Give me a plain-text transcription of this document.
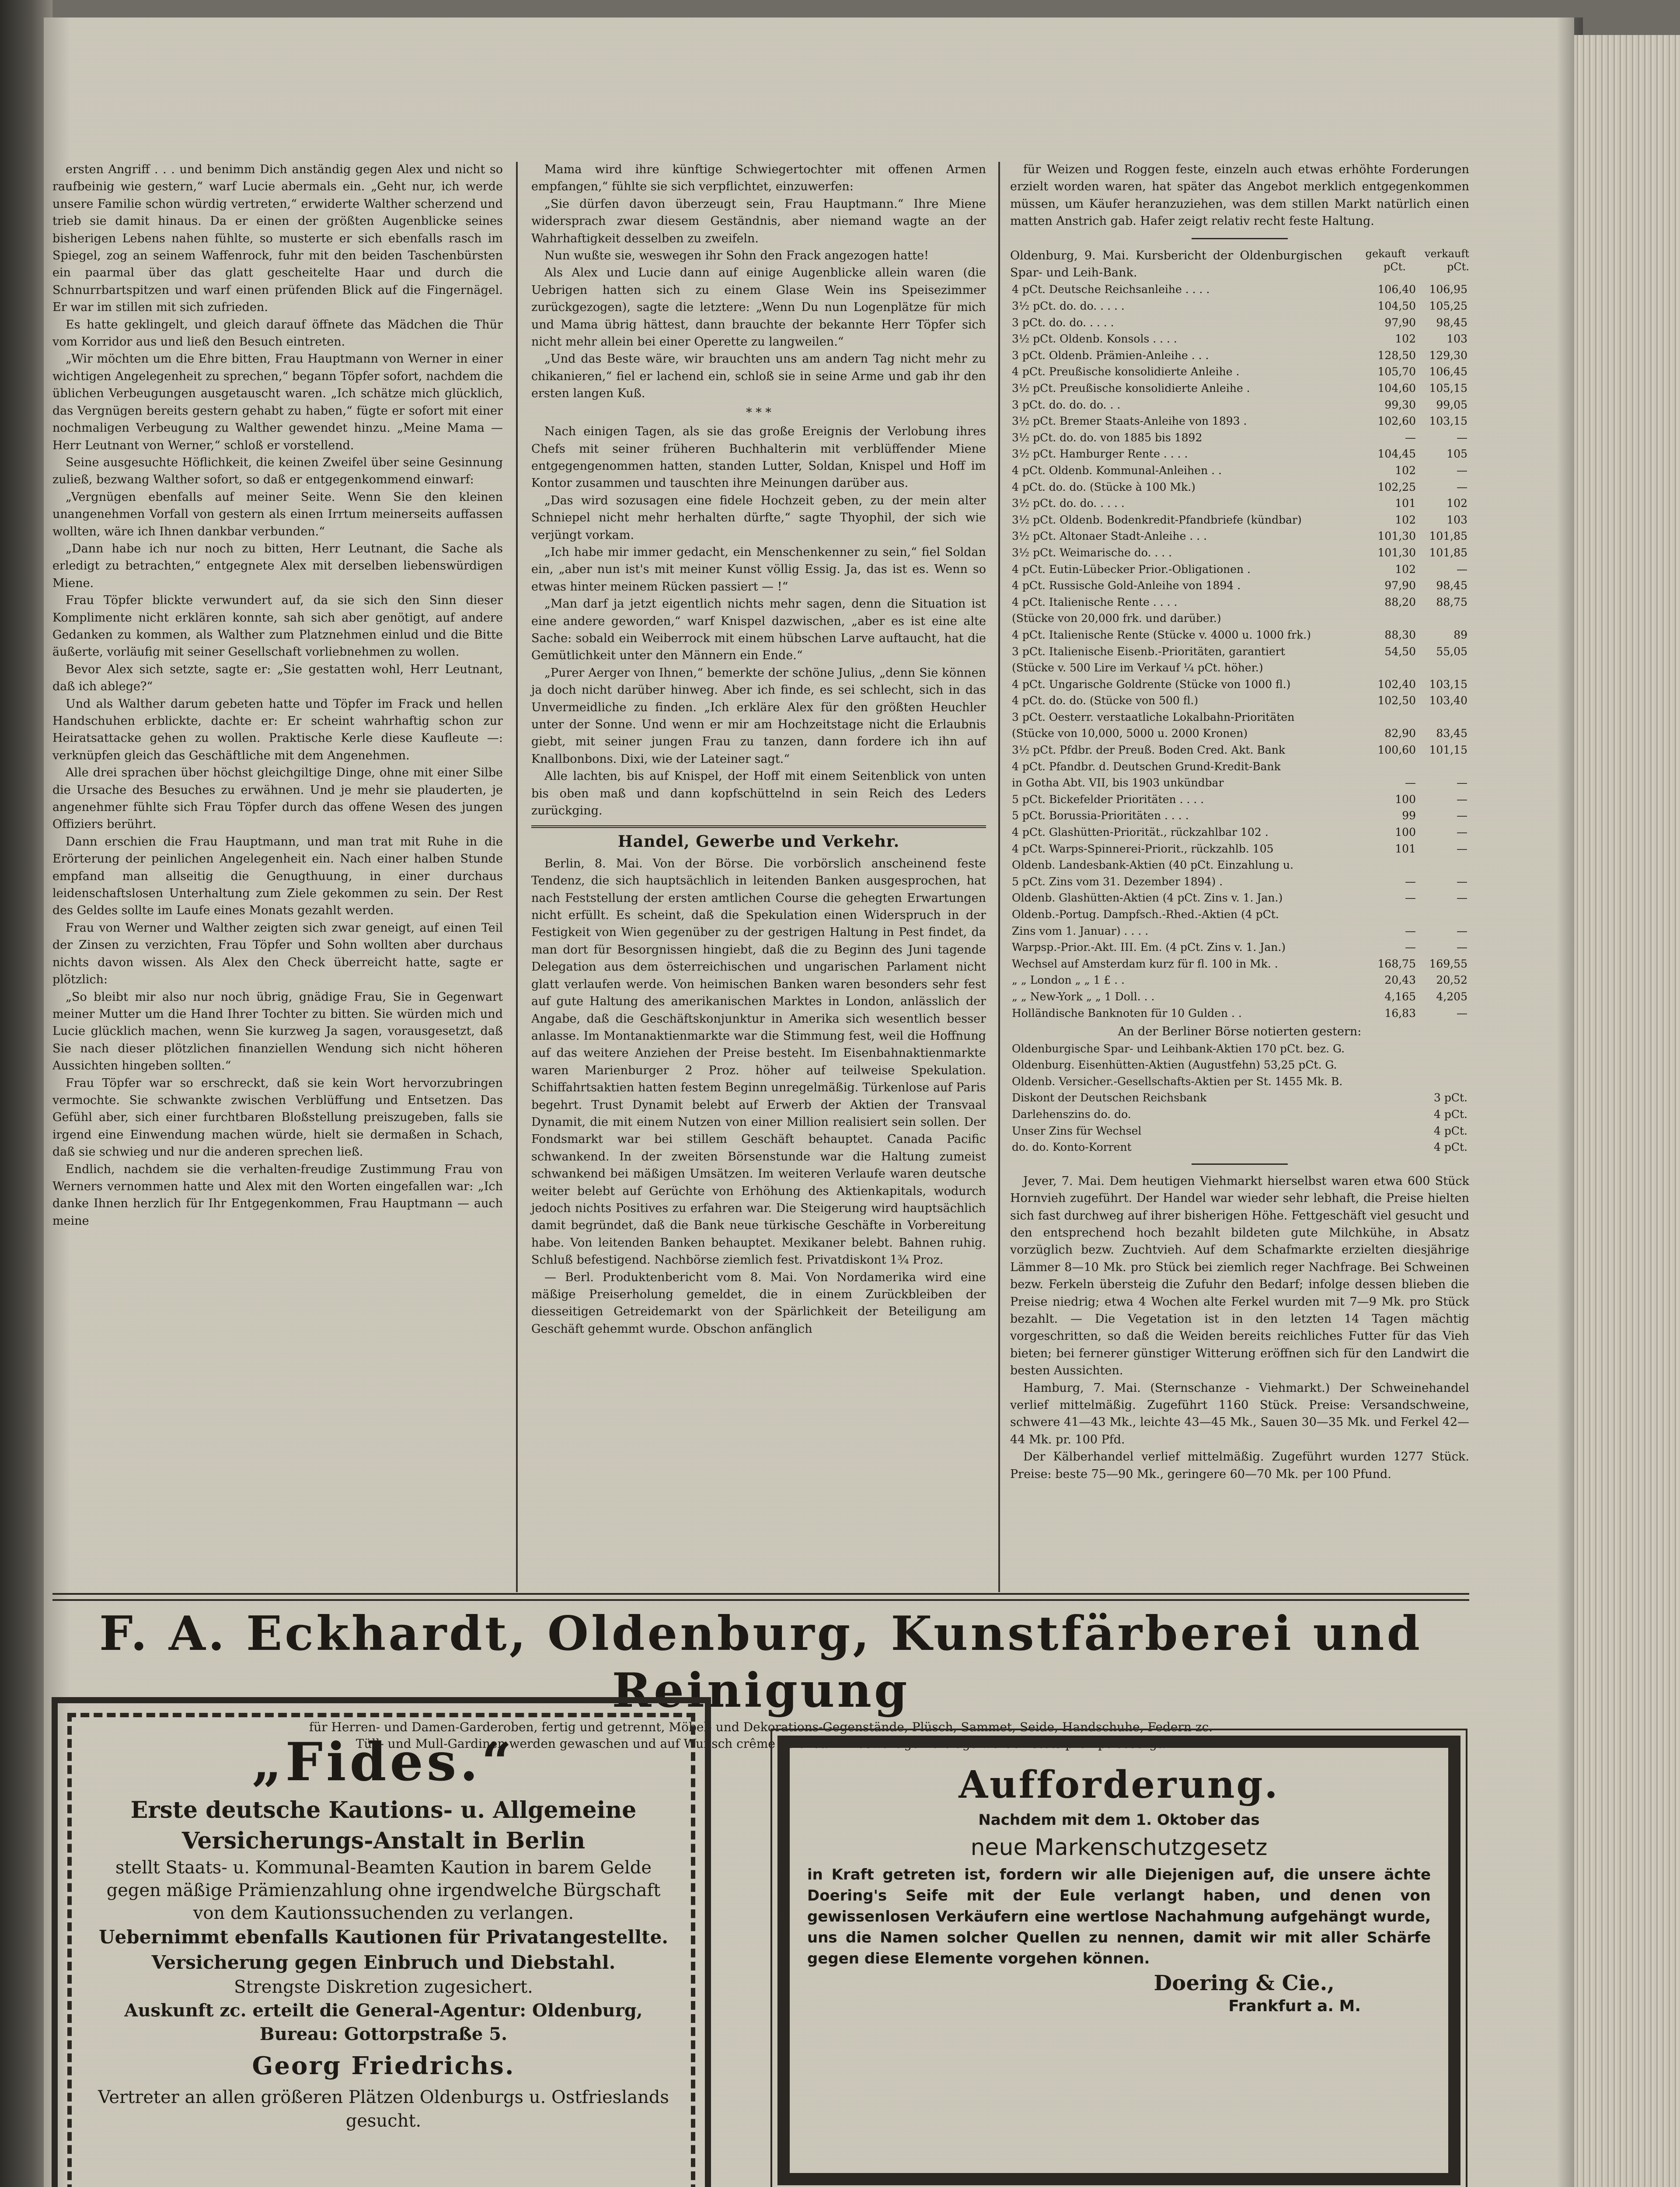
ersten Angriff . . . und benimm Dich anständig gegen Alex und nicht so raufbeinig wie gestern,“ warf Lucie abermals ein. „Geht nur, ich werde unsere Familie schon würdig vertreten,“ erwiderte Walther scherzend und trieb sie damit hinaus. Da er einen der größten Augenblicke seines bisherigen Lebens nahen fühlte, so musterte er sich ebenfalls rasch im Spiegel, zog an seinem Waffenrock, fuhr mit den beiden Taschenbürsten ein paarmal über das glatt gescheitelte Haar und durch die Schnurrbartspitzen und warf einen prüfenden Blick auf die Fingernägel. Er war im stillen mit sich zufrieden.

Es hatte geklingelt, und gleich darauf öffnete das Mädchen die Thür vom Korridor aus und ließ den Besuch eintreten.

„Wir möchten um die Ehre bitten, Frau Hauptmann von Werner in einer wichtigen Angelegenheit zu sprechen,“ begann Töpfer sofort, nachdem die üblichen Verbeugungen ausgetauscht waren. „Ich schätze mich glücklich, das Vergnügen bereits gestern gehabt zu haben,“ fügte er sofort mit einer nochmaligen Verbeugung zu Walther gewendet hinzu. „Meine Mama — Herr Leutnant von Werner,“ schloß er vorstellend.

Seine ausgesuchte Höflichkeit, die keinen Zweifel über seine Gesinnung zuließ, bezwang Walther sofort, so daß er entgegenkommend einwarf:

„Vergnügen ebenfalls auf meiner Seite. Wenn Sie den kleinen unangenehmen Vorfall von gestern als einen Irrtum meinerseits auffassen wollten, wäre ich Ihnen dankbar verbunden.“

„Dann habe ich nur noch zu bitten, Herr Leutnant, die Sache als erledigt zu betrachten,“ entgegnete Alex mit derselben liebenswürdigen Miene.

Frau Töpfer blickte verwundert auf, da sie sich den Sinn dieser Komplimente nicht erklären konnte, sah sich aber genötigt, auf andere Gedanken zu kommen, als Walther zum Platznehmen einlud und die Bitte äußerte, vorläufig mit seiner Gesellschaft vorliebnehmen zu wollen.

Bevor Alex sich setzte, sagte er: „Sie gestatten wohl, Herr Leutnant, daß ich ablege?“

Und als Walther darum gebeten hatte und Töpfer im Frack und hellen Handschuhen erblickte, dachte er: Er scheint wahrhaftig schon zur Heiratsattacke gehen zu wollen. Praktische Kerle diese Kaufleute —: verknüpfen gleich das Geschäftliche mit dem Angenehmen.

Alle drei sprachen über höchst gleichgiltige Dinge, ohne mit einer Silbe die Ursache des Besuches zu erwähnen. Und je mehr sie plauderten, je angenehmer fühlte sich Frau Töpfer durch das offene Wesen des jungen Offiziers berührt.

Dann erschien die Frau Hauptmann, und man trat mit Ruhe in die Erörterung der peinlichen Angelegenheit ein. Nach einer halben Stunde empfand man allseitig die Genugthuung, in einer durchaus leidenschaftslosen Unterhaltung zum Ziele gekommen zu sein. Der Rest des Geldes sollte im Laufe eines Monats gezahlt werden.

Frau von Werner und Walther zeigten sich zwar geneigt, auf einen Teil der Zinsen zu verzichten, Frau Töpfer und Sohn wollten aber durchaus nichts davon wissen. Als Alex den Check überreicht hatte, sagte er plötzlich:

„So bleibt mir also nur noch übrig, gnädige Frau, Sie in Gegenwart meiner Mutter um die Hand Ihrer Tochter zu bitten. Sie würden mich und Lucie glücklich machen, wenn Sie kurzweg Ja sagen, vorausgesetzt, daß Sie nach dieser plötzlichen finanziellen Wendung sich nicht höheren Aussichten hingeben sollten.“

Frau Töpfer war so erschreckt, daß sie kein Wort hervorzubringen vermochte. Sie schwankte zwischen Verblüffung und Entsetzen. Das Gefühl aber, sich einer furchtbaren Bloßstellung preiszugeben, falls sie irgend eine Einwendung machen würde, hielt sie dermaßen in Schach, daß sie schwieg und nur die anderen sprechen ließ.

Endlich, nachdem sie die verhalten-freudige Zustimmung Frau von Werners vernommen hatte und Alex mit den Worten eingefallen war: „Ich danke Ihnen herzlich für Ihr Entgegenkommen, Frau Hauptmann — auch meine

Mama wird ihre künftige Schwiegertochter mit offenen Armen empfangen,“ fühlte sie sich verpflichtet, einzuwerfen:

„Sie dürfen davon überzeugt sein, Frau Hauptmann.“ Ihre Miene widersprach zwar diesem Geständnis, aber niemand wagte an der Wahrhaftigkeit desselben zu zweifeln.

Nun wußte sie, weswegen ihr Sohn den Frack angezogen hatte!

Als Alex und Lucie dann auf einige Augenblicke allein waren (die Uebrigen hatten sich zu einem Glase Wein ins Speisezimmer zurückgezogen), sagte die letztere: „Wenn Du nun Logenplätze für mich und Mama übrig hättest, dann brauchte der bekannte Herr Töpfer sich nicht mehr allein bei einer Operette zu langweilen.“

„Und das Beste wäre, wir brauchten uns am andern Tag nicht mehr zu chikanieren,“ fiel er lachend ein, schloß sie in seine Arme und gab ihr den ersten langen Kuß.

* * *

Nach einigen Tagen, als sie das große Ereignis der Verlobung ihres Chefs mit seiner früheren Buchhalterin mit verblüffender Miene entgegengenommen hatten, standen Lutter, Soldan, Knispel und Hoff im Kontor zusammen und tauschten ihre Meinungen darüber aus.

„Das wird sozusagen eine fidele Hochzeit geben, zu der mein alter Schniepel nicht mehr herhalten dürfte,“ sagte Thyophil, der sich wie verjüngt vorkam.

„Ich habe mir immer gedacht, ein Menschenkenner zu sein,“ fiel Soldan ein, „aber nun ist's mit meiner Kunst völlig Essig. Ja, das ist es. Wenn so etwas hinter meinem Rücken passiert — !“

„Man darf ja jetzt eigentlich nichts mehr sagen, denn die Situation ist eine andere geworden,“ warf Knispel dazwischen, „aber es ist eine alte Sache: sobald ein Weiberrock mit einem hübschen Larve auftaucht, hat die Gemütlichkeit unter den Männern ein Ende.“

„Purer Aerger von Ihnen,“ bemerkte der schöne Julius, „denn Sie können ja doch nicht darüber hinweg. Aber ich finde, es sei schlecht, sich in das Unvermeidliche zu finden. „Ich erkläre Alex für den größten Heuchler unter der Sonne. Und wenn er mir am Hochzeitstage nicht die Erlaubnis giebt, mit seiner jungen Frau zu tanzen, dann fordere ich ihn auf Knallbonbons. Dixi, wie der Lateiner sagt.“

Alle lachten, bis auf Knispel, der Hoff mit einem Seitenblick von unten bis oben maß und dann kopfschüttelnd in sein Reich des Leders zurückging.

Handel, Gewerbe und Verkehr.

Berlin, 8. Mai. Von der Börse. Die vorbörslich anscheinend feste Tendenz, die sich hauptsächlich in leitenden Banken ausgesprochen, hat nach Feststellung der ersten amtlichen Course die gehegten Erwartungen nicht erfüllt. Es scheint, daß die Spekulation einen Widerspruch in der Festigkeit von Wien gegenüber zu der gestrigen Haltung in Pest findet, da man dort für Besorgnissen hingiebt, daß die zu Beginn des Juni tagende Delegation aus dem österreichischen und ungarischen Parlament nicht glatt verlaufen werde. Von heimischen Banken waren besonders sehr fest auf gute Haltung des amerikanischen Marktes in London, anlässlich der Angabe, daß die Geschäftskonjunktur in Amerika sich wesentlich besser anlasse. Im Montanaktienmarkte war die Stimmung fest, weil die Hoffnung auf das weitere Anziehen der Preise besteht. Im Eisenbahnaktienmarkte waren Marienburger 2 Proz. höher auf teilweise Spekulation. Schiffahrtsaktien hatten festem Beginn unregelmäßig. Türkenlose auf Paris begehrt. Trust Dynamit belebt auf Erwerb der Aktien der Transvaal Dynamit, die mit einem Nutzen von einer Million realisiert sein sollen. Der Fondsmarkt war bei stillem Geschäft behauptet. Canada Pacific schwankend. In der zweiten Börsenstunde war die Haltung zumeist schwankend bei mäßigen Umsätzen. Im weiteren Verlaufe waren deutsche weiter belebt auf Gerüchte von Erhöhung des Aktienkapitals, wodurch jedoch nichts Positives zu erfahren war. Die Steigerung wird hauptsächlich damit begründet, daß die Bank neue türkische Geschäfte in Vorbereitung habe. Von leitenden Banken behauptet. Mexikaner belebt. Bahnen ruhig. Schluß befestigend. Nachbörse ziemlich fest. Privatdiskont 1¾ Proz.

— Berl. Produktenbericht vom 8. Mai. Von Nordamerika wird eine mäßige Preiserholung gemeldet, die in einem Zurückbleiben der diesseitigen Getreidemarkt von der Spärlichkeit der Beteiligung am Geschäft gehemmt wurde. Obschon anfänglich

für Weizen und Roggen feste, einzeln auch etwas erhöhte Forderungen erzielt worden waren, hat später das Angebot merklich entgegenkommen müssen, um Käufer heranzuziehen, was dem stillen Markt natürlich einen matten Anstrich gab. Hafer zeigt relativ recht feste Haltung.

Oldenburg, 9. Mai. Kursbericht der Oldenburgischen Spar- und Leih-Bank.
gekauft pCt.
verkauft pCt.
4 pCt. Deutsche Reichsanleihe . . . .	106,40	106,95
3½ pCt. do. do. . . . .	104,50	105,25
3 pCt. do. do. . . . .	97,90	98,45
3½ pCt. Oldenb. Konsols . . . .	102	103
3 pCt. Oldenb. Prämien-Anleihe . . .	128,50	129,30
4 pCt. Preußische konsolidierte Anleihe .	105,70	106,45
3½ pCt. Preußische konsolidierte Anleihe .	104,60	105,15
3 pCt. do. do. do. . .	99,30	99,05
3½ pCt. Bremer Staats-Anleihe von 1893 .	102,60	103,15
3½ pCt. do. do. von 1885 bis 1892	—	—
3½ pCt. Hamburger Rente . . . .	104,45	105
4 pCt. Oldenb. Kommunal-Anleihen . .	102	—
4 pCt. do. do. (Stücke à 100 Mk.)	102,25	—
3½ pCt. do. do. . . . .	101	102
3½ pCt. Oldenb. Bodenkredit-Pfandbriefe (kündbar)	102	103
3½ pCt. Altonaer Stadt-Anleihe . . .	101,30	101,85
3½ pCt. Weimarische do. . . .	101,30	101,85
4 pCt. Eutin-Lübecker Prior.-Obligationen .	102	—
4 pCt. Russische Gold-Anleihe von 1894 .	97,90	98,45
4 pCt. Italienische Rente . . . .	88,20	88,75
(Stücke von 20,000 frk. und darüber.)		
4 pCt. Italienische Rente (Stücke v. 4000 u. 1000 frk.)	88,30	89
3 pCt. Italienische Eisenb.-Prioritäten, garantiert	54,50	55,05
(Stücke v. 500 Lire im Verkauf ¼ pCt. höher.)		
4 pCt. Ungarische Goldrente (Stücke von 1000 fl.)	102,40	103,15
4 pCt. do. do. (Stücke von 500 fl.)	102,50	103,40
3 pCt. Oesterr. verstaatliche Lokalbahn-Prioritäten		
(Stücke von 10,000, 5000 u. 2000 Kronen)	82,90	83,45
3½ pCt. Pfdbr. der Preuß. Boden Cred. Akt. Bank	100,60	101,15
4 pCt. Pfandbr. d. Deutschen Grund-Kredit-Bank		
in Gotha Abt. VII, bis 1903 unkündbar	—	—
5 pCt. Bickefelder Prioritäten . . . .	100	—
5 pCt. Borussia-Prioritäten . . . .	99	—
4 pCt. Glashütten-Priorität., rückzahlbar 102 .	100	—
4 pCt. Warps-Spinnerei-Priorit., rückzahlb. 105	101	—
Oldenb. Landesbank-Aktien (40 pCt. Einzahlung u.		
5 pCt. Zins vom 31. Dezember 1894) .	—	—
Oldenb. Glashütten-Aktien (4 pCt. Zins v. 1. Jan.)	—	—
Oldenb.-Portug. Dampfsch.-Rhed.-Aktien (4 pCt.		
Zins vom 1. Januar) . . . .	—	—
Warpsp.-Prior.-Akt. III. Em. (4 pCt. Zins v. 1. Jan.)	—	—
Wechsel auf Amsterdam kurz für fl. 100 in Mk. .	168,75	169,55
„ „ London „ „ 1 £ . .	20,43	20,52
„ „ New-York „ „ 1 Doll. . .	4,165	4,205
Holländische Banknoten für 10 Gulden . .	16,83	—
An der Berliner Börse notierten gestern:
Oldenburgische Spar- und Leihbank-Aktien 170 pCt. bez. G.	
Oldenburg. Eisenhütten-Aktien (Augustfehn) 53,25 pCt. G.	
Oldenb. Versicher.-Gesellschafts-Aktien per St. 1455 Mk. B.	
Diskont der Deutschen Reichsbank	3 pCt.
Darlehenszins do. do.	4 pCt.
Unser Zins für Wechsel	4 pCt.
do. do. Konto-Korrent	4 pCt.

Jever, 7. Mai. Dem heutigen Viehmarkt hierselbst waren etwa 600 Stück Hornvieh zugeführt. Der Handel war wieder sehr lebhaft, die Preise hielten sich fast durchweg auf ihrer bisherigen Höhe. Fettgeschäft viel gesucht und den entsprechend hoch bezahlt bildeten gute Milchkühe, in Absatz vorzüglich bezw. Zuchtvieh. Auf dem Schafmarkte erzielten diesjährige Lämmer 8—10 Mk. pro Stück bei ziemlich reger Nachfrage. Bei Schweinen bezw. Ferkeln übersteig die Zufuhr den Bedarf; infolge dessen blieben die Preise niedrig; etwa 4 Wochen alte Ferkel wurden mit 7—9 Mk. pro Stück bezahlt. — Die Vegetation ist in den letzten 14 Tagen mächtig vorgeschritten, so daß die Weiden bereits reichliches Futter für das Vieh bieten; bei fernerer günstiger Witterung eröffnen sich für den Landwirt die besten Aussichten.

Hamburg, 7. Mai. (Sternschanze - Viehmarkt.) Der Schweinehandel verlief mittelmäßig. Zugeführt 1160 Stück. Preise: Versandschweine, schwere 41—43 Mk., leichte 43—45 Mk., Sauen 30—35 Mk. und Ferkel 42—44 Mk. pr. 100 Pfd.

Der Kälberhandel verlief mittelmäßig. Zugeführt wurden 1277 Stück. Preise: beste 75—90 Mk., geringere 60—70 Mk. per 100 Pfund.

F. A. Eckhardt, Oldenburg, Kunstfärberei und Reinigung
für Herren- und Damen-Garderoben, fertig und getrennt, Möbel- und Dekorations-Gegenstände, Plüsch, Sammet, Seide, Handschuhe, Federn zc.
Tüll- und Mull-Gardinen werden gewaschen und auf Wunsch crême gefärbt. — Auswärtige Aufträge werden stets prompt besorgt.
„Fides.“
Erste deutsche Kautions- u. Allgemeine Versicherungs-Anstalt in Berlin
stellt Staats- u. Kommunal-Beamten Kaution in barem Gelde gegen mäßige Prämienzahlung ohne irgendwelche Bürgschaft von dem Kautionssuchenden zu verlangen.
Uebernimmt ebenfalls Kautionen für Privatangestellte.
Versicherung gegen Einbruch und Diebstahl.
Strengste Diskretion zugesichert.
Auskunft zc. erteilt die General-Agentur: Oldenburg,
Bureau: Gottorpstraße 5.
Georg Friedrichs.
Vertreter an allen größeren Plätzen Oldenburgs u. Ostfrieslands gesucht.
Aufforderung.
Nachdem mit dem 1. Oktober das
neue Markenschutzgesetz
in Kraft getreten ist, fordern wir alle Diejenigen auf, die unsere ächte Doering's Seife mit der Eule verlangt haben, und denen von gewissenlosen Verkäufern eine wertlose Nachahmung aufgehängt wurde, uns die Namen solcher Quellen zu nennen, damit wir mit aller Schärfe gegen diese Elemente vorgehen können.
Doering & Cie.,
Frankfurt a. M.
